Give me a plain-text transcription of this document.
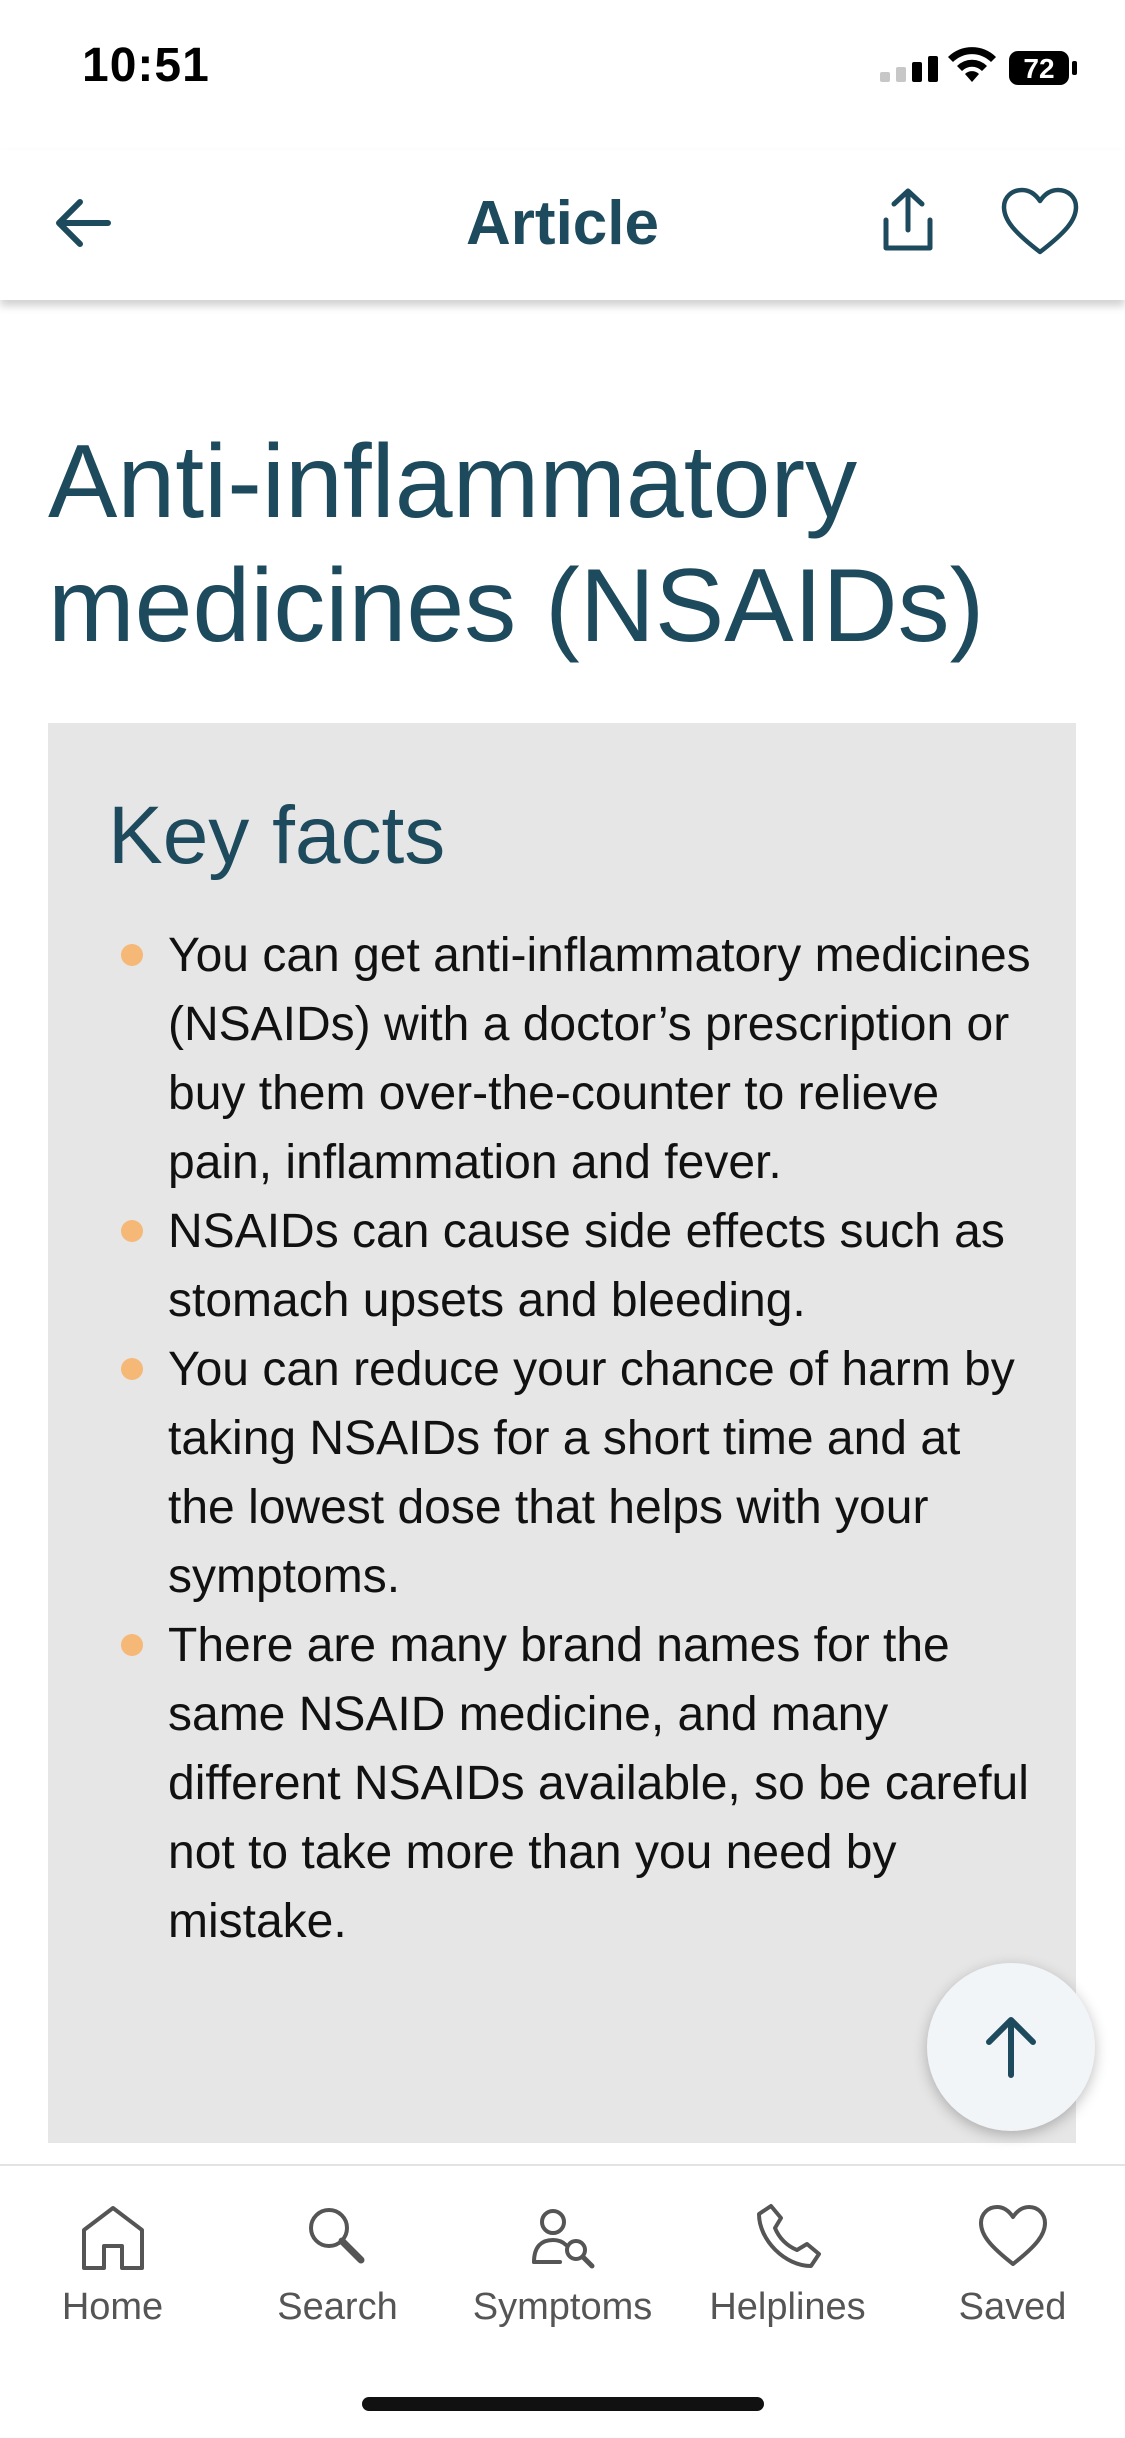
10:51	72
Article
Anti-inflammatory medicines (NSAIDs)
Key facts
You can get anti-inflammatory medicines (NSAIDs) with a doctor’s prescription or buy them over-the-counter to relieve pain, inflammation and fever.
NSAIDs can cause side effects such as stomach upsets and bleeding.
You can reduce your chance of harm by taking NSAIDs for a short time and at the lowest dose that helps with your symptoms.
There are many brand names for the same NSAID medicine, and many different NSAIDs available, so be careful not to take more than you need by mistake.
Home	Search	Symptoms	Helplines	Saved
